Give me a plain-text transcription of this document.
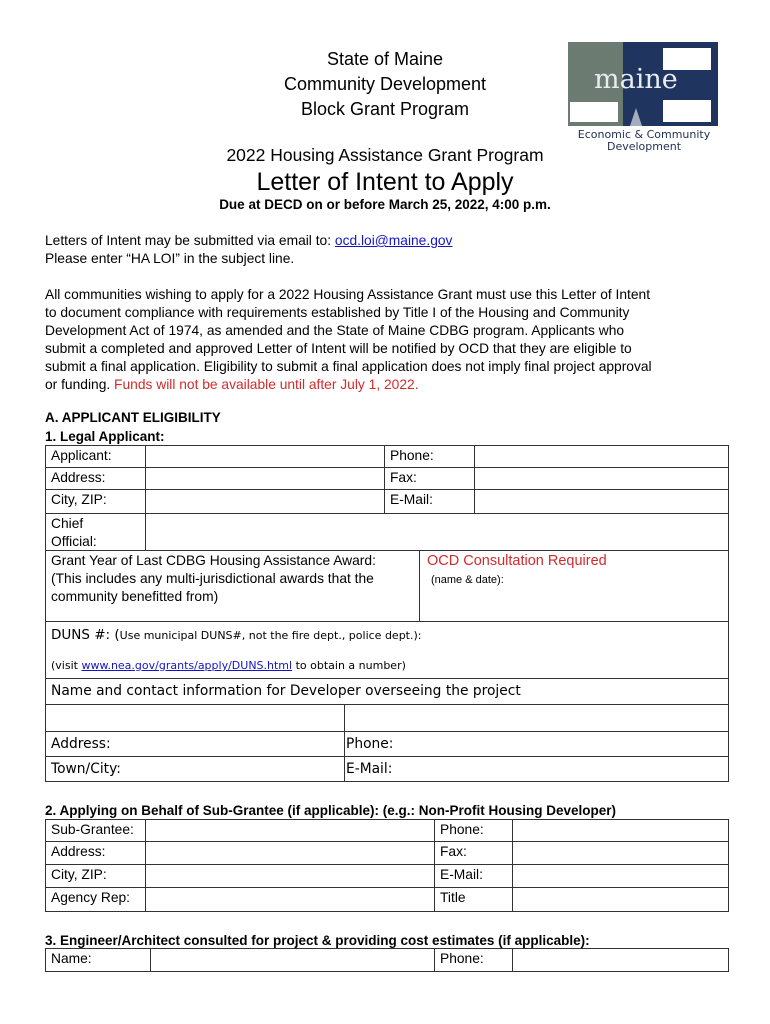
State of Maine
Community Development
Block Grant Program
2022 Housing Assistance Grant Program
Letter of Intent to Apply
Due at DECD on or before March 25, 2022, 4:00 p.m.
maine
Economic & Community
Development
Letters of Intent may be submitted via email to: ocd.loi@maine.gov
Please enter “HA LOI” in the subject line.
All communities wishing to apply for a 2022 Housing Assistance Grant must use this Letter of Intent
to document compliance with requirements established by Title I of the Housing and Community
Development Act of 1974, as amended and the State of Maine CDBG program. Applicants who
submit a completed and approved Letter of Intent will be notified by OCD that they are eligible to
submit a final application. Eligibility to submit a final application does not imply final project approval
or funding. Funds will not be available until after July 1, 2022.
A. APPLICANT ELIGIBILITY
1. Legal Applicant:
Applicant:	Phone:
Address:	Fax:
City, ZIP:	E-Mail:
Chief
Official:
Grant Year of Last CDBG Housing Assistance Award:
(This includes any multi-jurisdictional awards that the
community benefitted from)
OCD Consultation Required
(name & date):
DUNS #: (Use municipal DUNS#, not the fire dept., police dept.):
(visit www.nea.gov/grants/apply/DUNS.html to obtain a number)
Name and contact information for Developer overseeing the project
Address:	Phone:
Town/City:	E-Mail:
2. Applying on Behalf of Sub-Grantee (if applicable): (e.g.: Non-Profit Housing Developer)
Sub-Grantee:	Phone:
Address:	Fax:
City, ZIP:	E-Mail:
Agency Rep:	Title
3. Engineer/Architect consulted for project & providing cost estimates (if applicable):
Name:	Phone:
